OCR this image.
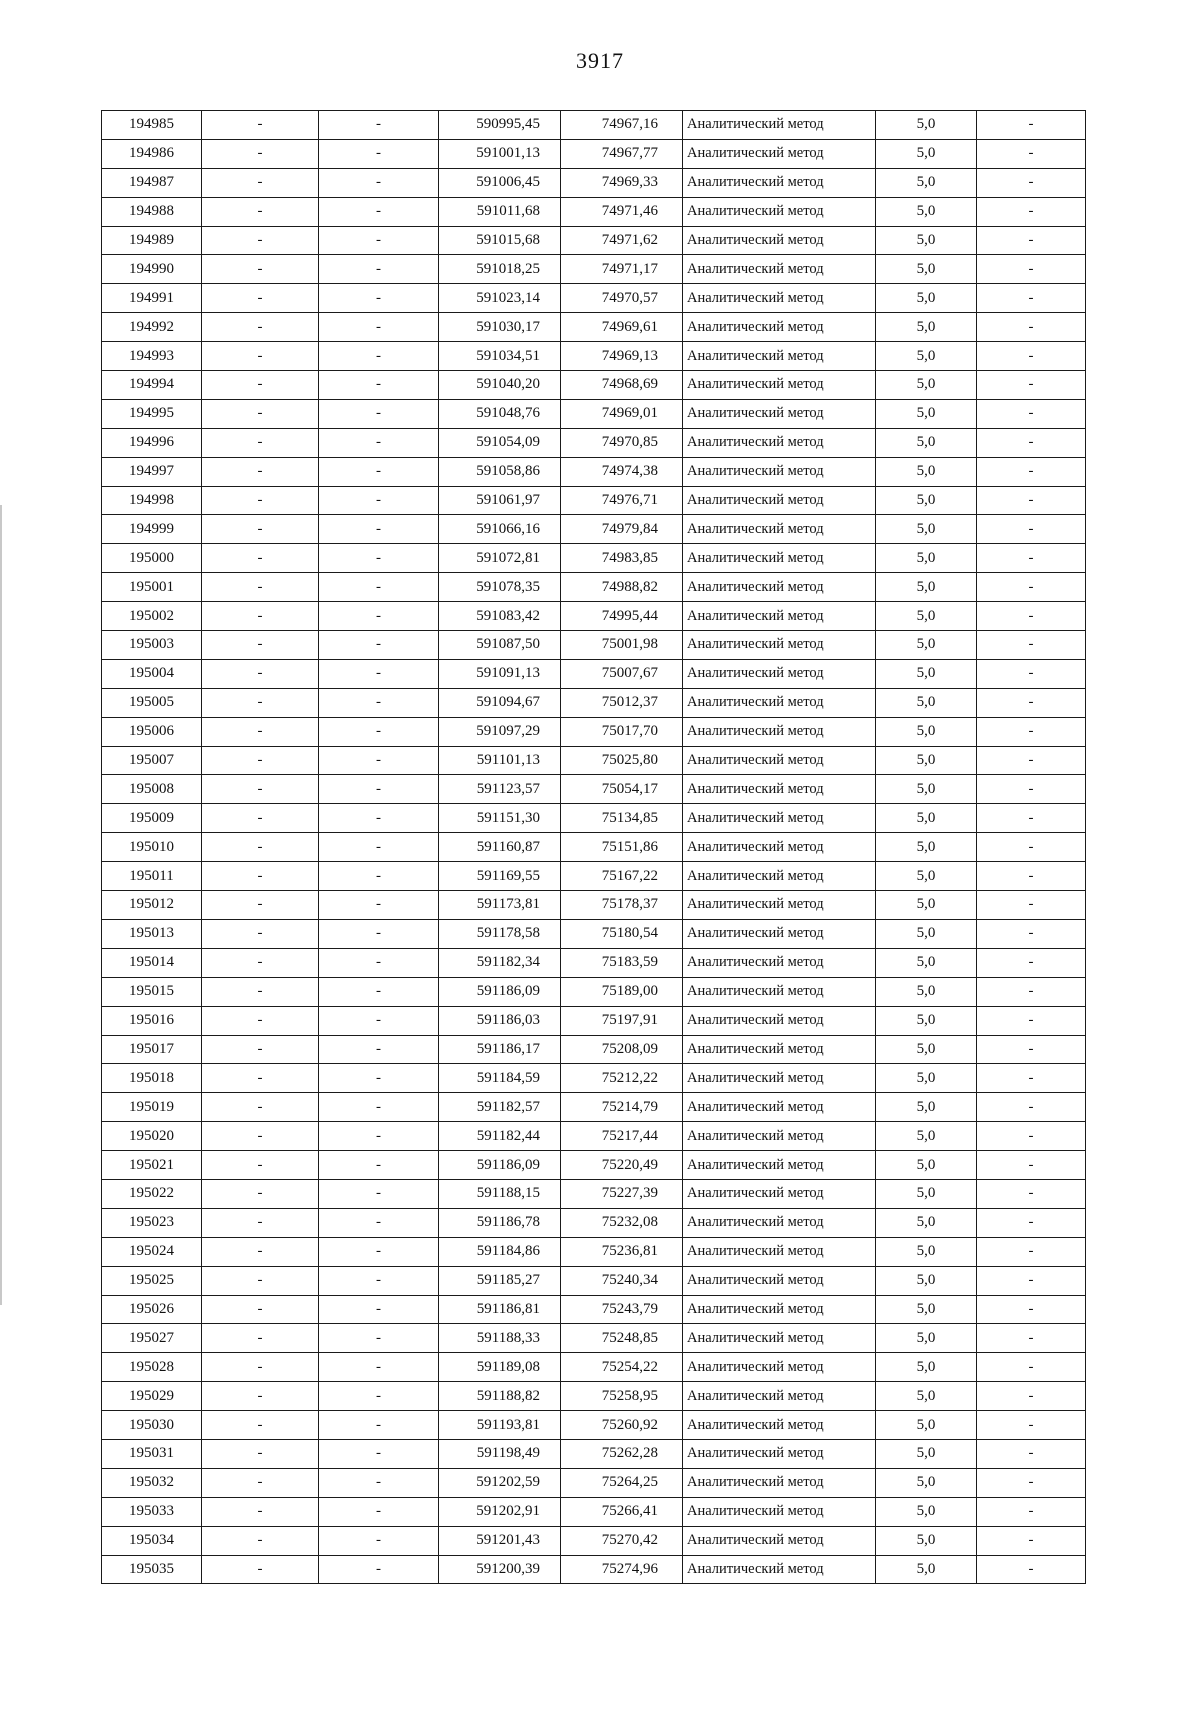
3917
194985	-	-	590995,45	74967,16	Аналитический метод	5,0	-
194986	-	-	591001,13	74967,77	Аналитический метод	5,0	-
194987	-	-	591006,45	74969,33	Аналитический метод	5,0	-
194988	-	-	591011,68	74971,46	Аналитический метод	5,0	-
194989	-	-	591015,68	74971,62	Аналитический метод	5,0	-
194990	-	-	591018,25	74971,17	Аналитический метод	5,0	-
194991	-	-	591023,14	74970,57	Аналитический метод	5,0	-
194992	-	-	591030,17	74969,61	Аналитический метод	5,0	-
194993	-	-	591034,51	74969,13	Аналитический метод	5,0	-
194994	-	-	591040,20	74968,69	Аналитический метод	5,0	-
194995	-	-	591048,76	74969,01	Аналитический метод	5,0	-
194996	-	-	591054,09	74970,85	Аналитический метод	5,0	-
194997	-	-	591058,86	74974,38	Аналитический метод	5,0	-
194998	-	-	591061,97	74976,71	Аналитический метод	5,0	-
194999	-	-	591066,16	74979,84	Аналитический метод	5,0	-
195000	-	-	591072,81	74983,85	Аналитический метод	5,0	-
195001	-	-	591078,35	74988,82	Аналитический метод	5,0	-
195002	-	-	591083,42	74995,44	Аналитический метод	5,0	-
195003	-	-	591087,50	75001,98	Аналитический метод	5,0	-
195004	-	-	591091,13	75007,67	Аналитический метод	5,0	-
195005	-	-	591094,67	75012,37	Аналитический метод	5,0	-
195006	-	-	591097,29	75017,70	Аналитический метод	5,0	-
195007	-	-	591101,13	75025,80	Аналитический метод	5,0	-
195008	-	-	591123,57	75054,17	Аналитический метод	5,0	-
195009	-	-	591151,30	75134,85	Аналитический метод	5,0	-
195010	-	-	591160,87	75151,86	Аналитический метод	5,0	-
195011	-	-	591169,55	75167,22	Аналитический метод	5,0	-
195012	-	-	591173,81	75178,37	Аналитический метод	5,0	-
195013	-	-	591178,58	75180,54	Аналитический метод	5,0	-
195014	-	-	591182,34	75183,59	Аналитический метод	5,0	-
195015	-	-	591186,09	75189,00	Аналитический метод	5,0	-
195016	-	-	591186,03	75197,91	Аналитический метод	5,0	-
195017	-	-	591186,17	75208,09	Аналитический метод	5,0	-
195018	-	-	591184,59	75212,22	Аналитический метод	5,0	-
195019	-	-	591182,57	75214,79	Аналитический метод	5,0	-
195020	-	-	591182,44	75217,44	Аналитический метод	5,0	-
195021	-	-	591186,09	75220,49	Аналитический метод	5,0	-
195022	-	-	591188,15	75227,39	Аналитический метод	5,0	-
195023	-	-	591186,78	75232,08	Аналитический метод	5,0	-
195024	-	-	591184,86	75236,81	Аналитический метод	5,0	-
195025	-	-	591185,27	75240,34	Аналитический метод	5,0	-
195026	-	-	591186,81	75243,79	Аналитический метод	5,0	-
195027	-	-	591188,33	75248,85	Аналитический метод	5,0	-
195028	-	-	591189,08	75254,22	Аналитический метод	5,0	-
195029	-	-	591188,82	75258,95	Аналитический метод	5,0	-
195030	-	-	591193,81	75260,92	Аналитический метод	5,0	-
195031	-	-	591198,49	75262,28	Аналитический метод	5,0	-
195032	-	-	591202,59	75264,25	Аналитический метод	5,0	-
195033	-	-	591202,91	75266,41	Аналитический метод	5,0	-
195034	-	-	591201,43	75270,42	Аналитический метод	5,0	-
195035	-	-	591200,39	75274,96	Аналитический метод	5,0	-
